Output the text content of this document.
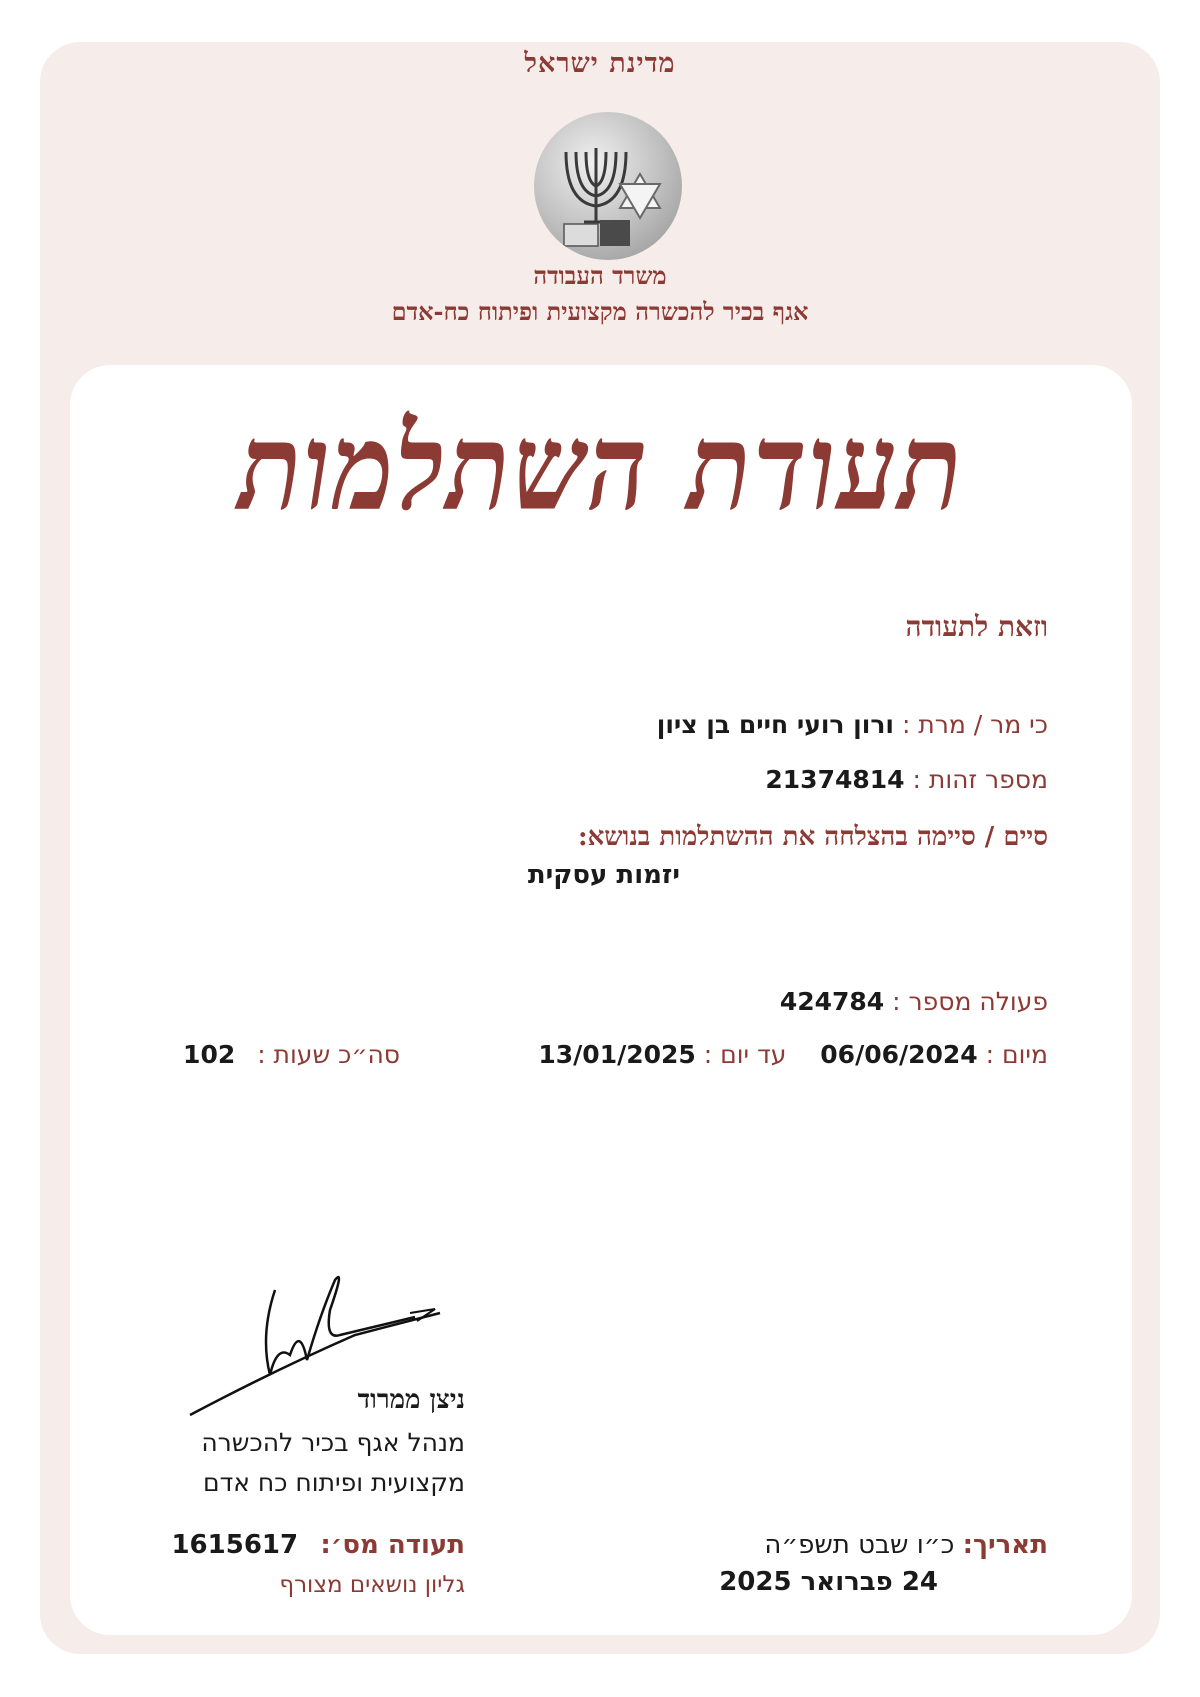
מדינת ישראל
משרד העבודה
אגף בכיר להכשרה מקצועית ופיתוח כח-אדם
תעודת השתלמות
וזאת לתעודה
כי מר / מרת : ורון רועי חיים בן ציון
מספר זהות : 21374814
סיים / סיימה בהצלחה את ההשתלמות בנושא:
יזמות עסקית
פעולה מספר : 424784
מיום : 06/06/2024  עד יום : 13/01/2025
סה״כ שעות : 102
ניצן ממרוד
מנהל אגף בכיר להכשרה
מקצועית ופיתוח כח אדם
תאריך: כ״ו שבט תשפ״ה
24 פברואר 2025
תעודה מס׳: 1615617
גליון נושאים מצורף
